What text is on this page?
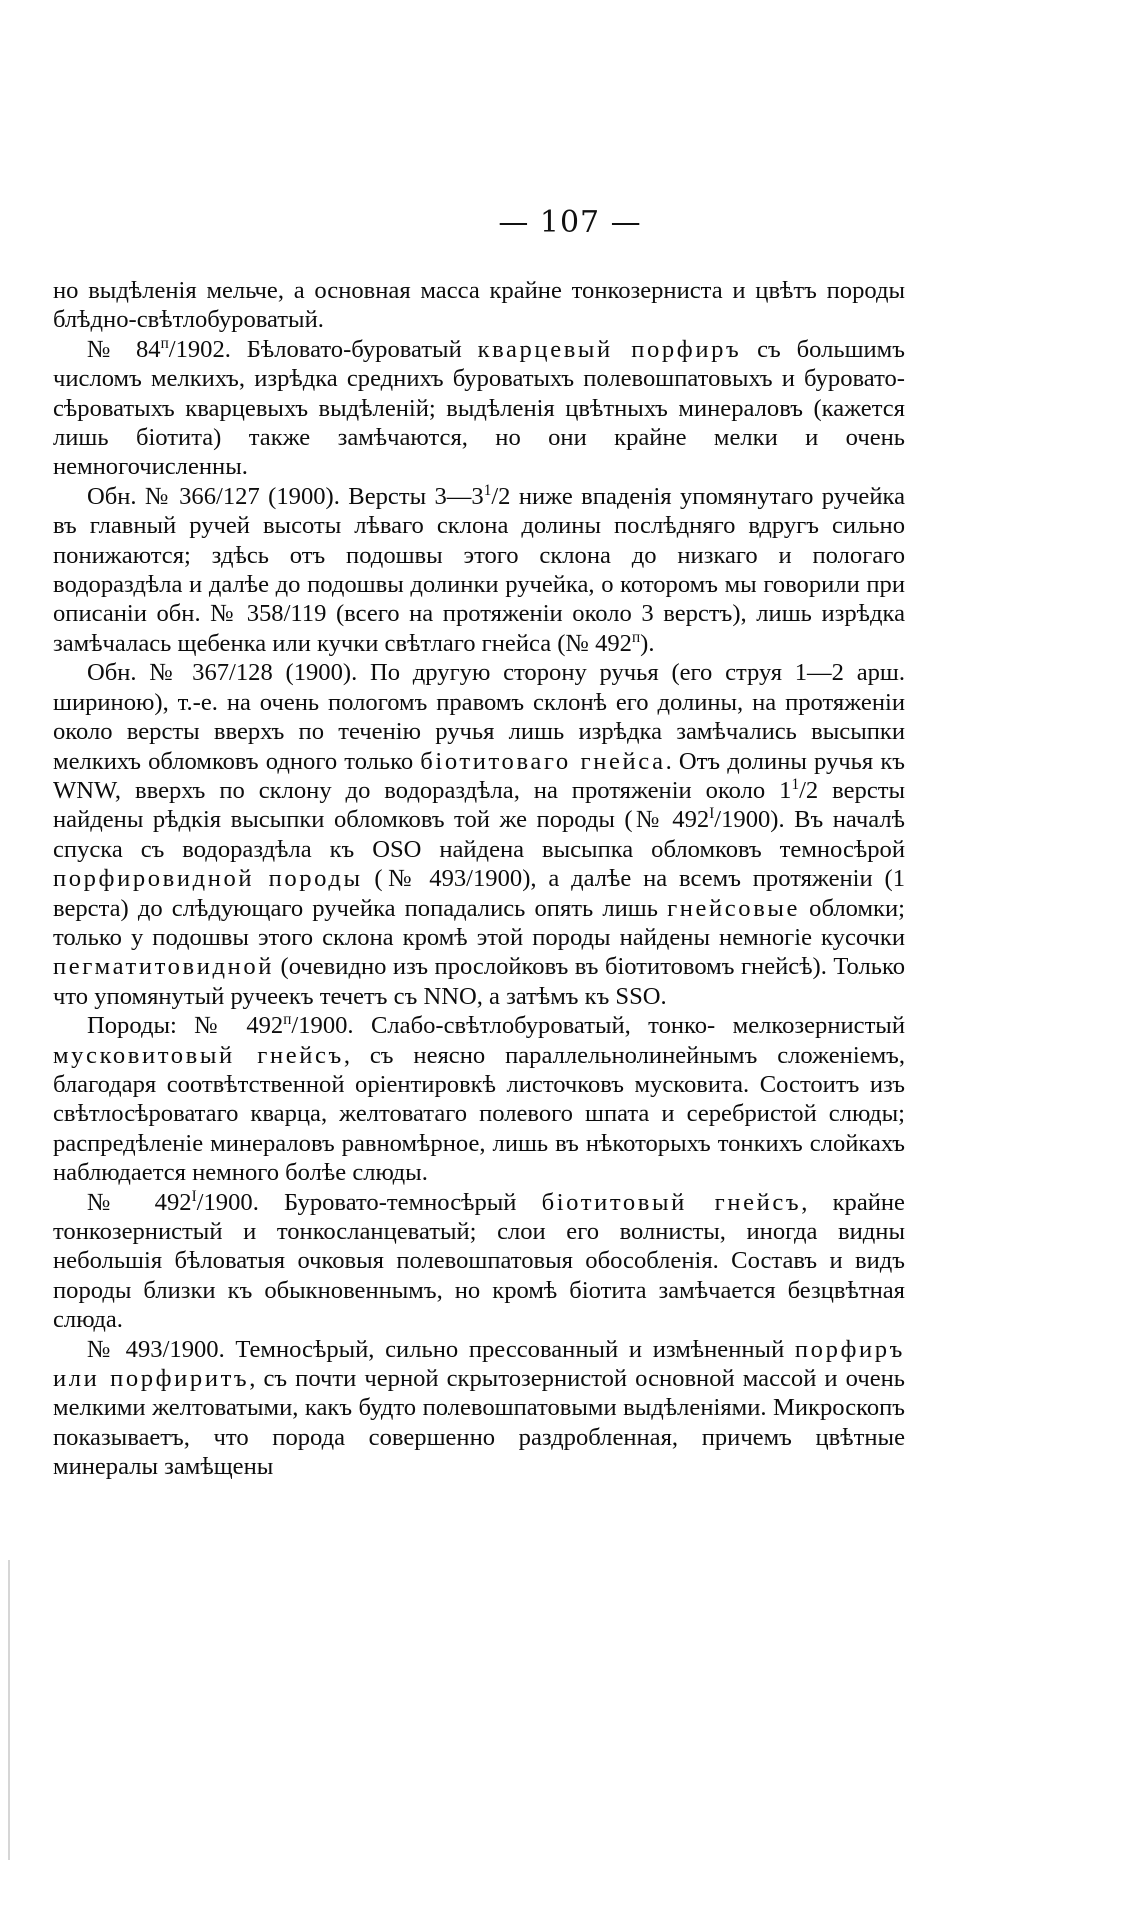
— 107 —

но выдѣленія мельче, а основная масса крайне тонкозерниста и цвѣтъ породы блѣдно-свѣтлобуроватый.

№ $84^п/1902$. Бѣловато-буроватый кварцевый порфиръ съ большимъ числомъ мелкихъ, изрѣдка среднихъ буроватыхъ полевошпатовыхъ и буровато-сѣроватыхъ кварцевыхъ выдѣленій; выдѣленія цвѣтныхъ минераловъ (кажется лишь біотита) также замѣчаются, но они крайне мелки и очень немногочисленны.

Обн. № 366/127 (1900). Версты $3—3^1/2$ ниже впаденія упомянутаго ручейка въ главный ручей высоты лѣваго склона долины послѣдняго вдругъ сильно понижаются; здѣсь отъ подошвы этого склона до низкаго и пологаго водораздѣла и далѣе до подошвы долинки ручейка, о которомъ мы говорили при описаніи обн. № 358/119 (всего на протяженіи около 3 верстъ), лишь изрѣдка замѣчалась щебенка или кучки свѣтлаго гнейса (№ $492^п$).

Обн. № 367/128 (1900). По другую сторону ручья (его струя 1—2 арш. шириною), т.-е. на очень пологомъ правомъ склонѣ его долины, на протяженіи около версты вверхъ по теченію ручья лишь изрѣдка замѣчались высыпки мелкихъ обломковъ одного только біотитоваго гнейса. Отъ долины ручья къ WNW, вверхъ по склону до водораздѣла, на протяженіи около $1^1/2$ версты найдены рѣдкія высыпки обломковъ той же породы (№ $492^I/1900$). Въ началѣ спуска съ водораздѣла къ OSO найдена высыпка обломковъ темносѣрой порфировидной породы (№ 493/1900), а далѣе на всемъ протяженіи (1 верста) до слѣдующаго ручейка попадались опять лишь гнейсовые обломки; только у подошвы этого склона кромѣ этой породы найдены немногіе кусочки пегматитовидной (очевидно изъ прослойковъ въ біотитовомъ гнейсѣ). Только что упомянутый ручеекъ течетъ съ NNO, а затѣмъ къ SSO.

Породы: № $492^п/1900$. Слабо-свѣтлобуроватый, тонко- мелкозернистый мусковитовый гнейсъ, съ неясно параллельнолинейнымъ сложеніемъ, благодаря соотвѣтственной оріентировкѣ листочковъ мусковита. Состоитъ изъ свѣтлосѣроватаго кварца, желтоватаго полевого шпата и серебристой слюды; распредѣленіе минераловъ равномѣрное, лишь въ нѣкоторыхъ тонкихъ слойкахъ наблюдается немного болѣе слюды.

№ $492^I/1900$. Буровато-темносѣрый біотитовый гнейсъ, крайне тонкозернистый и тонкосланцеватый; слои его волнисты, иногда видны небольшія бѣловатыя очковыя полевошпатовыя обособленія. Составъ и видъ породы близки къ обыкновеннымъ, но кромѣ біотита замѣчается безцвѣтная слюда.

№ 493/1900. Темносѣрый, сильно прессованный и измѣненный порфиръ или порфиритъ, съ почти черной скрытозернистой основной массой и очень мелкими желтоватыми, какъ будто полевошпатовыми выдѣленіями. Микроскопъ показываетъ, что порода совершенно раздробленная, причемъ цвѣтные минералы замѣщены
